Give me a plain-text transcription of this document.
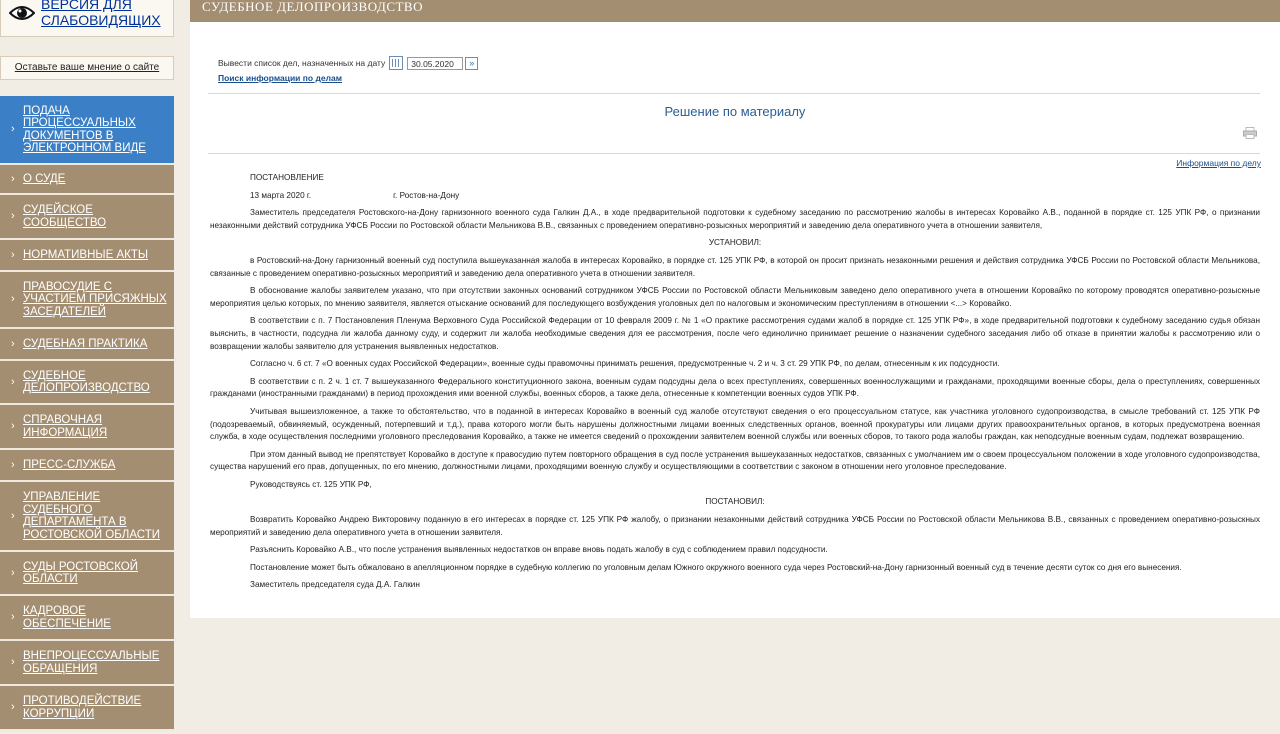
ВЕРСИЯ ДЛЯ
СЛАБОВИДЯЩИХ
Оставьте ваше мнение о сайте
›
ПОДАЧА ПРОЦЕССУАЛЬНЫХ ДОКУМЕНТОВ В ЭЛЕКТРОННОМ ВИДЕ
› О СУДЕ
›
СУДЕЙСКОЕ СООБЩЕСТВО
› НОРМАТИВНЫЕ АКТЫ
›
ПРАВОСУДИЕ С УЧАСТИЕМ ПРИСЯЖНЫХ ЗАСЕДАТЕЛЕЙ
› СУДЕБНАЯ ПРАКТИКА
›
СУДЕБНОЕ ДЕЛОПРОИЗВОДСТВО
›
СПРАВОЧНАЯ ИНФОРМАЦИЯ
› ПРЕСС-СЛУЖБА
›
УПРАВЛЕНИЕ СУДЕБНОГО ДЕПАРТАМЕНТА В РОСТОВСКОЙ ОБЛАСТИ
›
СУДЫ РОСТОВСКОЙ ОБЛАСТИ
›
КАДРОВОЕ ОБЕСПЕЧЕНИЕ
›
ВНЕПРОЦЕССУАЛЬНЫЕ ОБРАЩЕНИЯ
›
ПРОТИВОДЕЙСТВИЕ КОРРУПЦИИ
СУДЕБНОЕ ДЕЛОПРОИЗВОДСТВО
Вывести список дел, назначенных на дату	30.05.2020	»
Поиск информации по делам
Решение по материалу
Информация по делу
ПОСТАНОВЛЕНИЕ
13 марта 2020 г.                                    г. Ростов-на-Дону

Заместитель председателя Ростовского-на-Дону гарнизонного военного суда Галкин Д.А., в ходе предварительной подготовки к судебному заседанию по рассмотрению жалобы в интересах Коровайко А.В., поданной в порядке ст. 125 УПК РФ, о признании незаконными действий сотрудника УФСБ России по Ростовской области Мельникова В.В., связанных с проведением оперативно-розыскных мероприятий и заведению дела оперативного учета в отношении заявителя,

УСТАНОВИЛ:

в Ростовский-на-Дону гарнизонный военный суд поступила вышеуказанная жалоба в интересах Коровайко, в порядке ст. 125 УПК РФ, в которой он просит признать незаконными решения и действия сотрудника УФСБ России по Ростовской области Мельникова, связанные с проведением оперативно-розыскных мероприятий и заведению дела оперативного учета в отношении заявителя.

В обоснование жалобы заявителем указано, что при отсутствии законных оснований сотрудником УФСБ России по Ростовской области Мельниковым заведено дело оперативного учета в отношении Коровайко по которому проводятся оперативно-розыскные мероприятия целью которых, по мнению заявителя, является отыскание оснований для последующего возбуждения уголовных дел по налоговым и экономическим преступлениям в отношении <...> Коровайко.

В соответствии с п. 7 Постановления Пленума Верховного Суда Российской Федерации от 10 февраля 2009 г. № 1 «О практике рассмотрения судами жалоб в порядке ст. 125 УПК РФ», в ходе предварительной подготовки к судебному заседанию судья обязан выяснить, в частности, подсудна ли жалоба данному суду, и содержит ли жалоба необходимые сведения для ее рассмотрения, после чего единолично принимает решение о назначении судебного заседания либо об отказе в принятии жалобы к рассмотрению или о возвращении жалобы заявителю для устранения выявленных недостатков.

Согласно ч. 6 ст. 7 «О военных судах Российской Федерации», военные суды правомочны принимать решения, предусмотренные ч. 2 и ч. 3 ст. 29 УПК РФ, по делам, отнесенным к их подсудности.

В соответствии с п. 2 ч. 1 ст. 7 вышеуказанного Федерального конституционного закона, военным судам подсудны дела о всех преступлениях, совершенных военнослужащими и гражданами, проходящими военные сборы, дела о преступлениях, совершенных гражданами (иностранными гражданами) в период прохождения ими военной службы, военных сборов, а также дела, отнесенные к компетенции военных судов УПК РФ.

Учитывая вышеизложенное, а также то обстоятельство, что в поданной в интересах Коровайко в военный суд жалобе отсутствуют сведения о его процессуальном статусе, как участника уголовного судопроизводства, в смысле требований ст. 125 УПК РФ (подозреваемый, обвиняемый, осужденный, потерпевший и т.д.), права которого могли быть нарушены должностными лицами военных следственных органов, военной прокуратуры или лицами других правоохранительных органов, в которых предусмотрена военная служба, в ходе осуществления последними уголовного преследования Коровайко, а также не имеется сведений о прохождении заявителем военной службы или военных сборов, то такого рода жалобы граждан, как неподсудные военным судам, подлежат возвращению.

При этом данный вывод не препятствует Коровайко в доступе к правосудию путем повторного обращения в суд после устранения вышеуказанных недостатков, связанных с умолчанием им о своем процессуальном положении в ходе уголовного судопроизводства, существа нарушений его прав, допущенных, по его мнению, должностными лицами, проходящими военную службу и осуществляющими в соответствии с законом в отношении него уголовное преследование.

Руководствуясь ст. 125 УПК РФ,

ПОСТАНОВИЛ:

Возвратить Коровайко Андрею Викторовичу поданную в его интересах в порядке ст. 125 УПК РФ жалобу, о признании незаконными действий сотрудника УФСБ России по Ростовской области Мельникова В.В., связанных с проведением оперативно-розыскных мероприятий и заведению дела оперативного учета в отношении заявителя.

Разъяснить Коровайко А.В., что после устранения выявленных недостатков он вправе вновь подать жалобу в суд с соблюдением правил подсудности.

Постановление может быть обжаловано в апелляционном порядке в судебную коллегию по уголовным делам Южного окружного военного суда через Ростовский-на-Дону гарнизонный военный суд в течение десяти суток со дня его вынесения.

Заместитель председателя суда Д.А. Галкин
